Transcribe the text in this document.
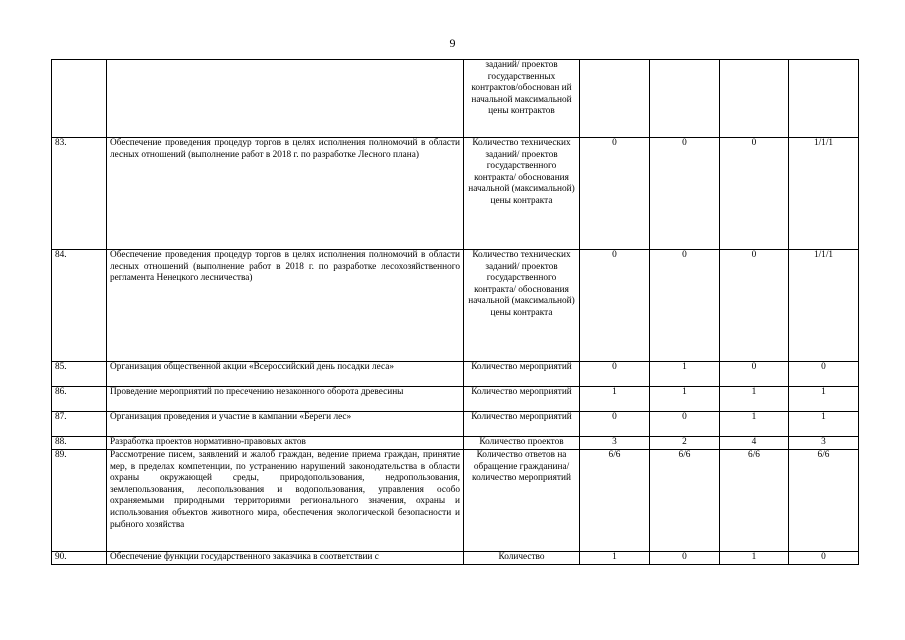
9
		заданий/ проектов государственных контрактов/обоснован ий начальной максимальной цены контрактов				
83.	Обеспечение проведения процедур торгов в целях исполнения полномочий в области лесных отношений (выполнение работ в 2018 г. по разработке Лесного плана)	Количество технических заданий/ проектов государственного контракта/ обоснования начальной (максимальной) цены контракта	0	0	0	1/1/1
84.	Обеспечение проведения процедур торгов в целях исполнения полномочий в области лесных отношений (выполнение работ в 2018 г. по разработке лесохозяйственного регламента Ненецкого лесничества)	Количество технических заданий/ проектов государственного контракта/ обоснования начальной (максимальной) цены контракта	0	0	0	1/1/1
85.	Организация общественной акции «Всероссийский день посадки леса»	Количество мероприятий	0	1	0	0
86.	Проведение мероприятий по пресечению незаконного оборота древесины	Количество мероприятий	1	1	1	1
87.	Организация проведения и участие в кампании «Береги лес»	Количество мероприятий	0	0	1	1
88.	Разработка проектов нормативно-правовых актов	Количество проектов	3	2	4	3
89.	Рассмотрение писем, заявлений и жалоб граждан, ведение приема граждан, принятие мер, в пределах компетенции, по устранению нарушений законодательства в области охраны окружающей среды, природопользования, недропользования, землепользования, лесопользования и водопользования, управления особо охраняемыми природными территориями регионального значения, охраны и использования объектов животного мира, обеспечения экологической безопасности и рыбного хозяйства	Количество ответов на обращение гражданина/ количество мероприятий	6/6	6/6	6/6	6/6
90.	Обеспечение функции государственного заказчика в соответствии с	Количество	1	0	1	0
